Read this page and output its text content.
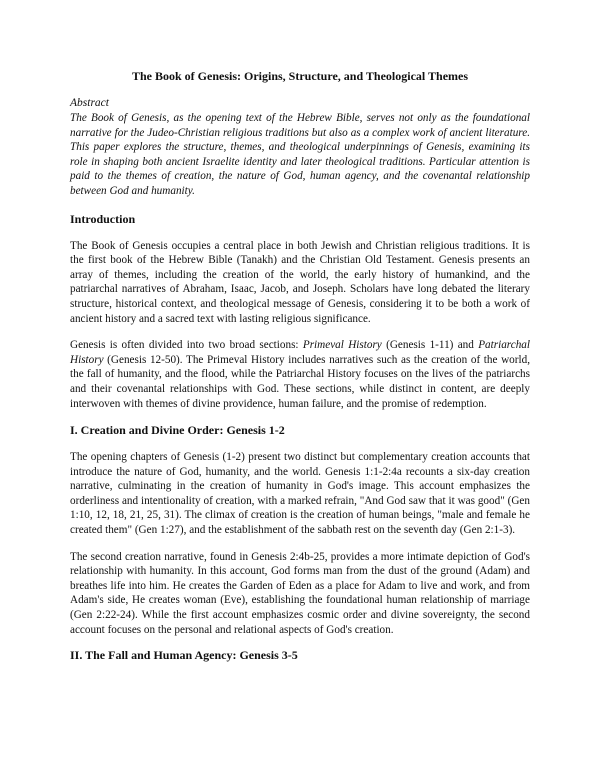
The Book of Genesis: Origins, Structure, and Theological Themes
Abstract
The Book of Genesis, as the opening text of the Hebrew Bible, serves not only as the foundational narrative for the Judeo-Christian religious traditions but also as a complex work of ancient literature. This paper explores the structure, themes, and theological underpinnings of Genesis, examining its role in shaping both ancient Israelite identity and later theological traditions. Particular attention is paid to the themes of creation, the nature of God, human agency, and the covenantal relationship between God and humanity.
Introduction

The Book of Genesis occupies a central place in both Jewish and Christian religious traditions. It is the first book of the Hebrew Bible (Tanakh) and the Christian Old Testament. Genesis presents an array of themes, including the creation of the world, the early history of humankind, and the patriarchal narratives of Abraham, Isaac, Jacob, and Joseph. Scholars have long debated the literary structure, historical context, and theological message of Genesis, considering it to be both a work of ancient history and a sacred text with lasting religious significance.

Genesis is often divided into two broad sections: Primeval History (Genesis 1-11) and Patriarchal History (Genesis 12-50). The Primeval History includes narratives such as the creation of the world, the fall of humanity, and the flood, while the Patriarchal History focuses on the lives of the patriarchs and their covenantal relationships with God. These sections, while distinct in content, are deeply interwoven with themes of divine providence, human failure, and the promise of redemption.

I. Creation and Divine Order: Genesis 1-2

The opening chapters of Genesis (1-2) present two distinct but complementary creation accounts that introduce the nature of God, humanity, and the world. Genesis 1:1-2:4a recounts a six-day creation narrative, culminating in the creation of humanity in God's image. This account emphasizes the orderliness and intentionality of creation, with a marked refrain, "And God saw that it was good" (Gen 1:10, 12, 18, 21, 25, 31). The climax of creation is the creation of human beings, "male and female he created them" (Gen 1:27), and the establishment of the sabbath rest on the seventh day (Gen 2:1-3).

The second creation narrative, found in Genesis 2:4b-25, provides a more intimate depiction of God's relationship with humanity. In this account, God forms man from the dust of the ground (Adam) and breathes life into him. He creates the Garden of Eden as a place for Adam to live and work, and from Adam's side, He creates woman (Eve), establishing the foundational human relationship of marriage (Gen 2:22-24). While the first account emphasizes cosmic order and divine sovereignty, the second account focuses on the personal and relational aspects of God's creation.

II. The Fall and Human Agency: Genesis 3-5
